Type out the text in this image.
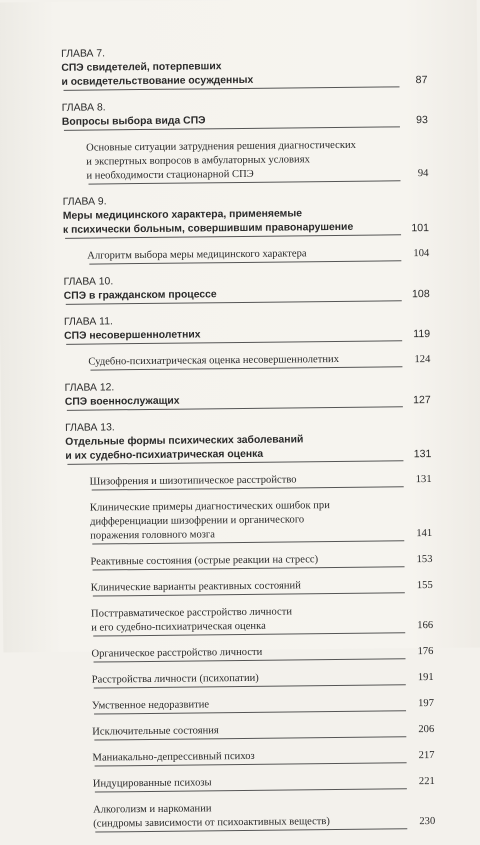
ГЛАВА 7.
СПЭ свидетелей, потерпевших
и освидетельствование осужденных	87
ГЛАВА 8.
Вопросы выбора вида СПЭ	93
Основные ситуации затруднения решения диагностических
и экспертных вопросов в амбулаторных условиях
и необходимости стационарной СПЭ	94
ГЛАВА 9.
Меры медицинского характера, применяемые
к психически больным, совершившим правонарушение	101
Алгоритм выбора меры медицинского характера	104
ГЛАВА 10.
СПЭ в гражданском процессе	108
ГЛАВА 11.
СПЭ несовершеннолетних	119
Судебно-психиатрическая оценка несовершеннолетних	124
ГЛАВА 12.
СПЭ военнослужащих	127
ГЛАВА 13.
Отдельные формы психических заболеваний
и их судебно-психиатрическая оценка	131
Шизофрения и шизотипическое расстройство	131
Клинические примеры диагностических ошибок при
дифференциации шизофрении и органического
поражения головного мозга	141
Реактивные состояния (острые реакции на стресс)	153
Клинические варианты реактивных состояний	155
Посттравматическое расстройство личности
и его судебно-психиатрическая оценка	166
Органическое расстройство личности	176
Расстройства личности (психопатии)	191
Умственное недоразвитие	197
Исключительные состояния	206
Маниакально-депрессивный психоз	217
Индуцированные психозы	221
Алкоголизм и наркомании
(синдромы зависимости от психоактивных веществ)	230
